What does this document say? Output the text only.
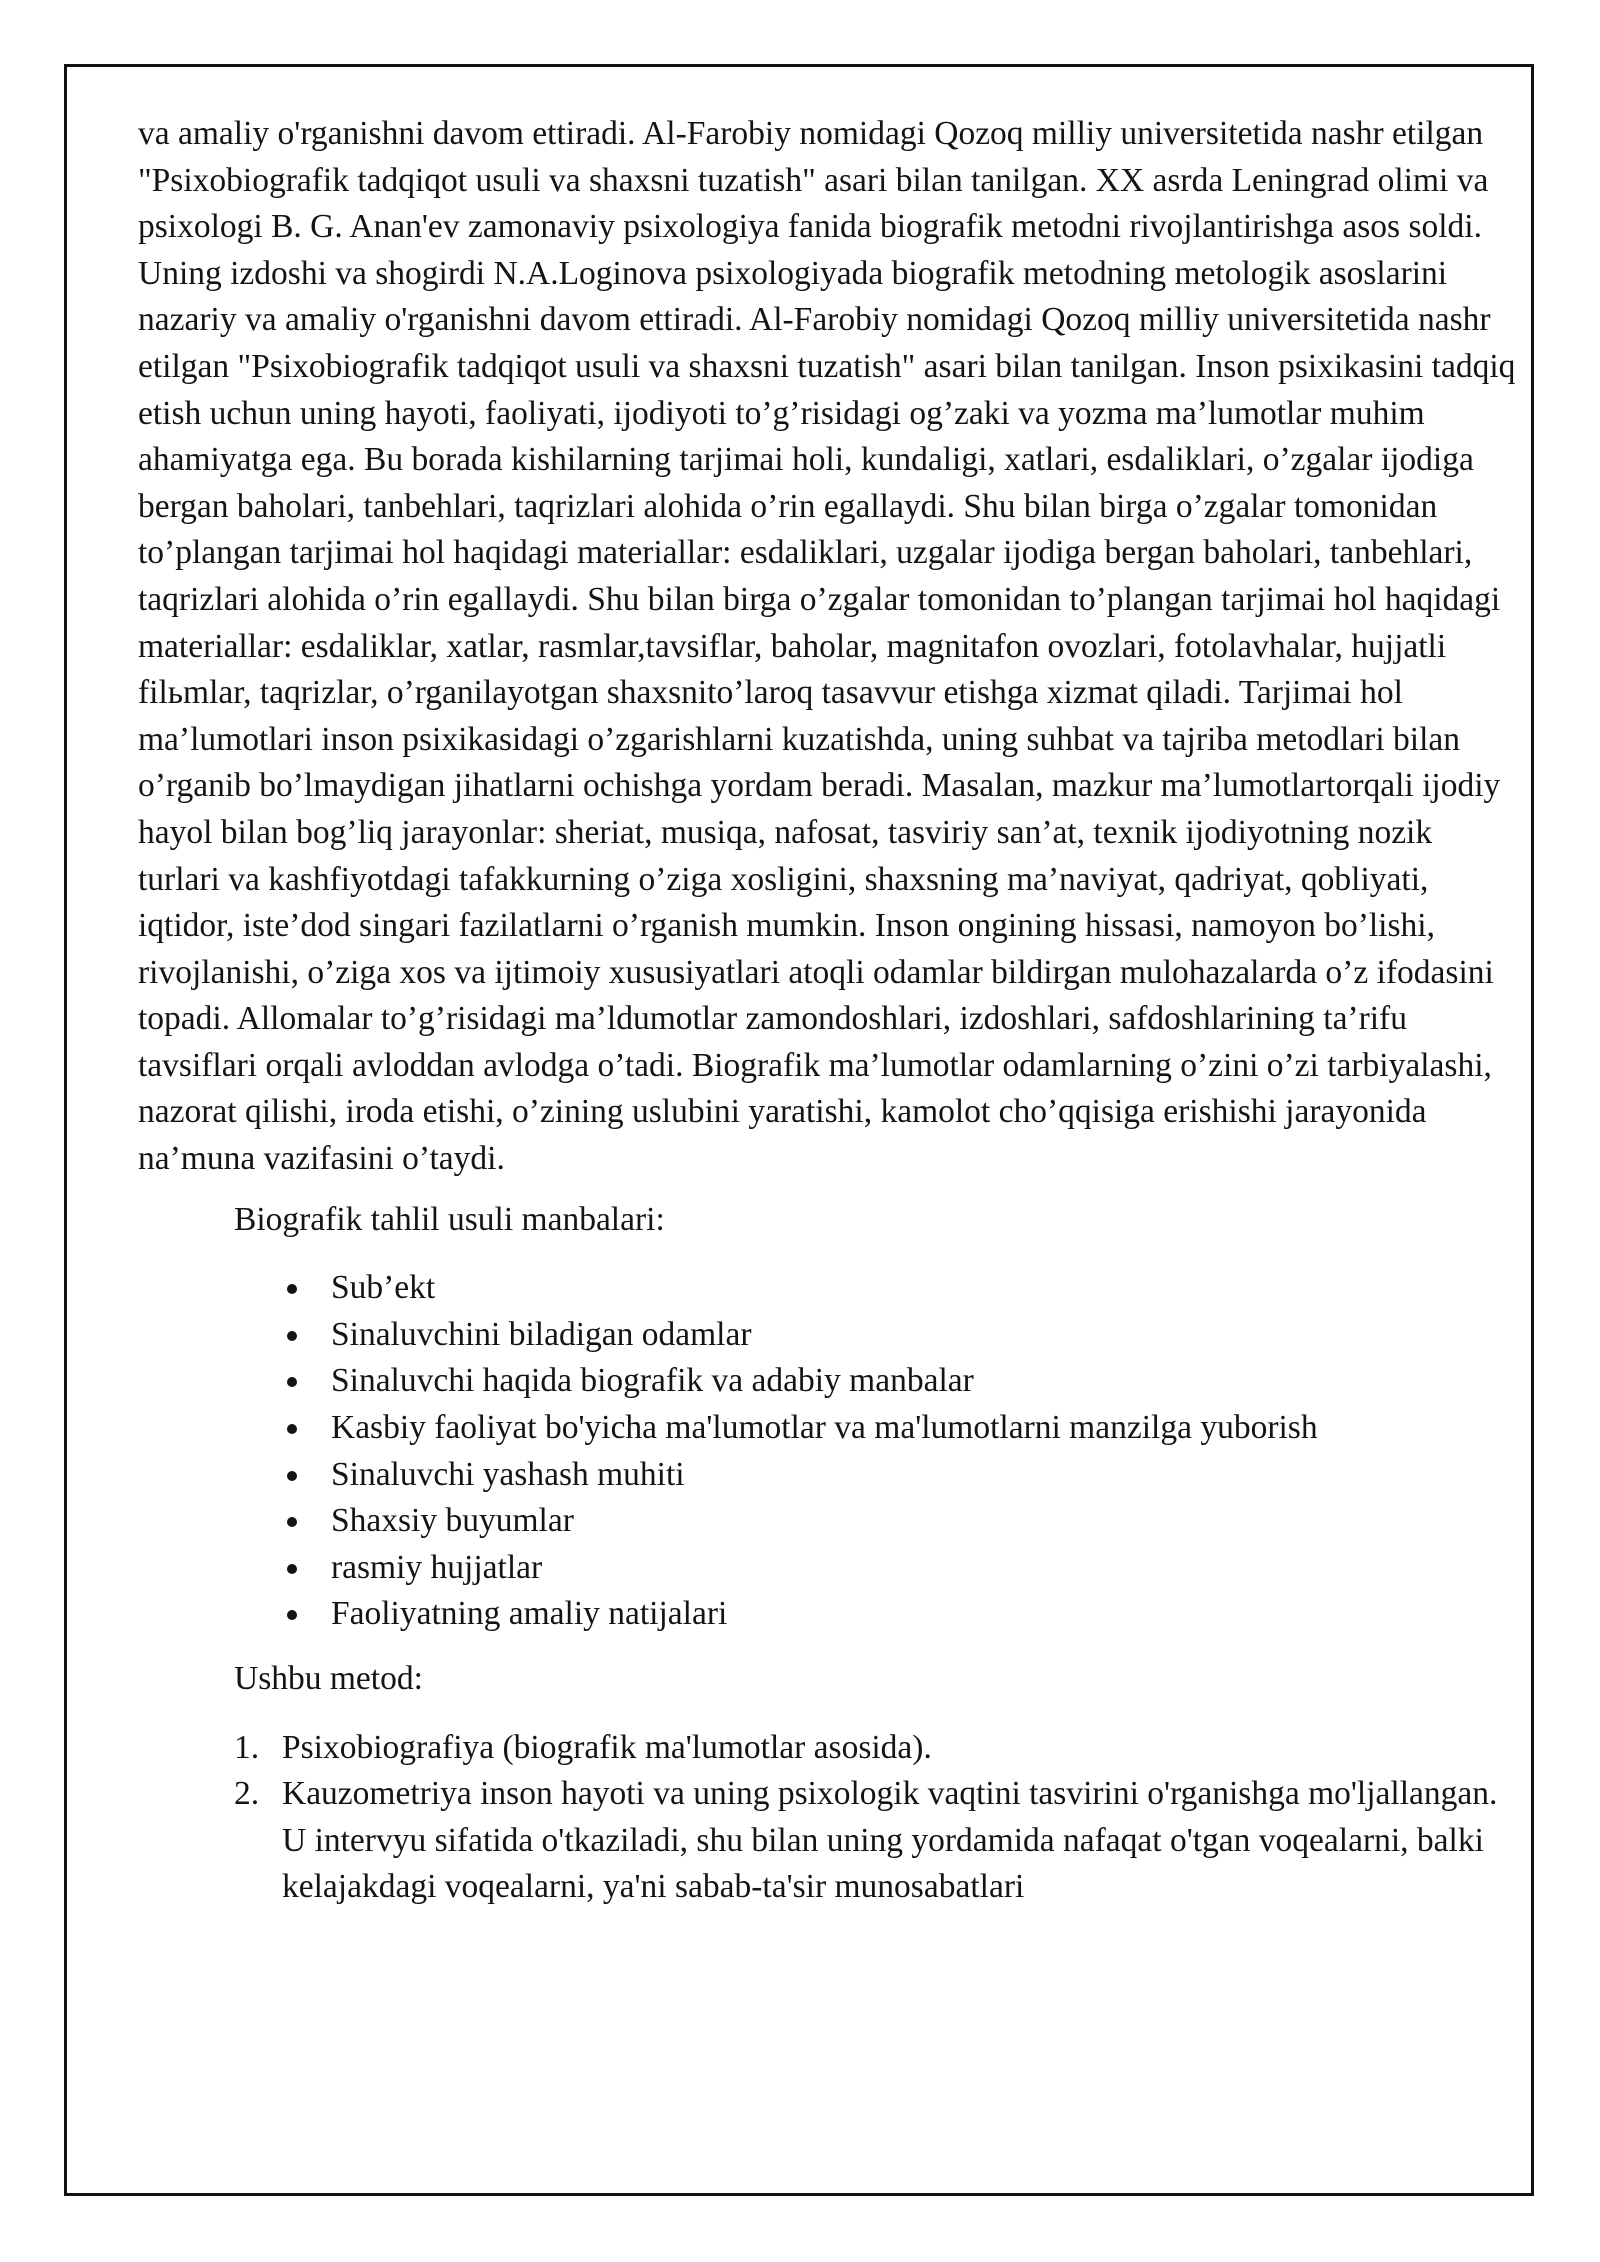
va amaliy o'rganishni davom ettiradi. Al-Farobiy nomidagi Qozoq milliy universitetida nashr etilgan "Psixobiografik tadqiqot usuli va shaxsni tuzatish" asari bilan tanilgan. XX asrda Leningrad olimi va psixologi B. G. Anan'ev zamonaviy psixologiya fanida biografik metodni rivojlantirishga asos soldi. Uning izdoshi va shogirdi N.A.Loginova psixologiyada biografik metodning metologik asoslarini nazariy va amaliy o'rganishni davom ettiradi. Al-Farobiy nomidagi Qozoq milliy universitetida nashr etilgan "Psixobiografik tadqiqot usuli va shaxsni tuzatish" asari bilan tanilgan. Inson psixikasini tadqiq etish uchun uning hayoti, faoliyati, ijodiyoti to’g’risidagi og’zaki va yozma ma’lumotlar muhim ahamiyatga ega. Bu borada kishilarning tarjimai holi, kundaligi, xatlari, esdaliklari, o’zgalar ijodiga bergan baholari, tanbehlari, taqrizlari alohida o’rin egallaydi. Shu bilan birga o’zgalar tomonidan to’plangan tarjimai hol haqidagi materiallar: esdaliklari, uzgalar ijodiga bergan baholari, tanbehlari, taqrizlari alohida o’rin egallaydi. Shu bilan birga o’zgalar tomonidan to’plangan tarjimai hol haqidagi materiallar: esdaliklar, xatlar, rasmlar,tavsiflar, baholar, magnitafon ovozlari, fotolavhalar, hujjatli filьmlar, taqrizlar, o’rganilayotgan shaxsnito’laroq tasavvur etishga xizmat qiladi. Tarjimai hol ma’lumotlari inson psixikasidagi o’zgarishlarni kuzatishda, uning suhbat va tajriba metodlari bilan o’rganib bo’lmaydigan jihatlarni ochishga yordam beradi. Masalan, mazkur ma’lumotlartorqali ijodiy hayol bilan bog’liq jarayonlar: sheriat, musiqa, nafosat, tasviriy san’at, texnik ijodiyotning nozik turlari va kashfiyotdagi tafakkurning o’ziga xosligini, shaxsning ma’naviyat, qadriyat, qobliyati, iqtidor, iste’dod singari fazilatlarni o’rganish mumkin. Inson ongining hissasi, namoyon bo’lishi, rivojlanishi, o’ziga xos va ijtimoiy xususiyatlari atoqli odamlar bildirgan mulohazalarda o’z ifodasini topadi. Allomalar to’g’risidagi ma’ldumotlar zamondoshlari, izdoshlari, safdoshlarining ta’rifu tavsiflari orqali avloddan avlodga o’tadi. Biografik ma’lumotlar odamlarning o’zini o’zi tarbiyalashi, nazorat qilishi, iroda etishi, o’zining uslubini yaratishi, kamolot cho’qqisiga erishishi jarayonida na’muna vazifasini o’taydi.

Biografik tahlil usuli manbalari:

Sub’ekt
Sinaluvchini biladigan odamlar
Sinaluvchi haqida biografik va adabiy manbalar
Kasbiy faoliyat bo'yicha ma'lumotlar va ma'lumotlarni manzilga yuborish
Sinaluvchi yashash muhiti
Shaxsiy buyumlar
rasmiy hujjatlar
Faoliyatning amaliy natijalari

Ushbu metod:

1. Psixobiografiya (biografik ma'lumotlar asosida).
2. Kauzometriya inson hayoti va uning psixologik vaqtini tasvirini o'rganishga mo'ljallangan. U intervyu sifatida o'tkaziladi, shu bilan uning yordamida nafaqat o'tgan voqealarni, balki kelajakdagi voqealarni, ya'ni sabab-ta'sir munosabatlari
